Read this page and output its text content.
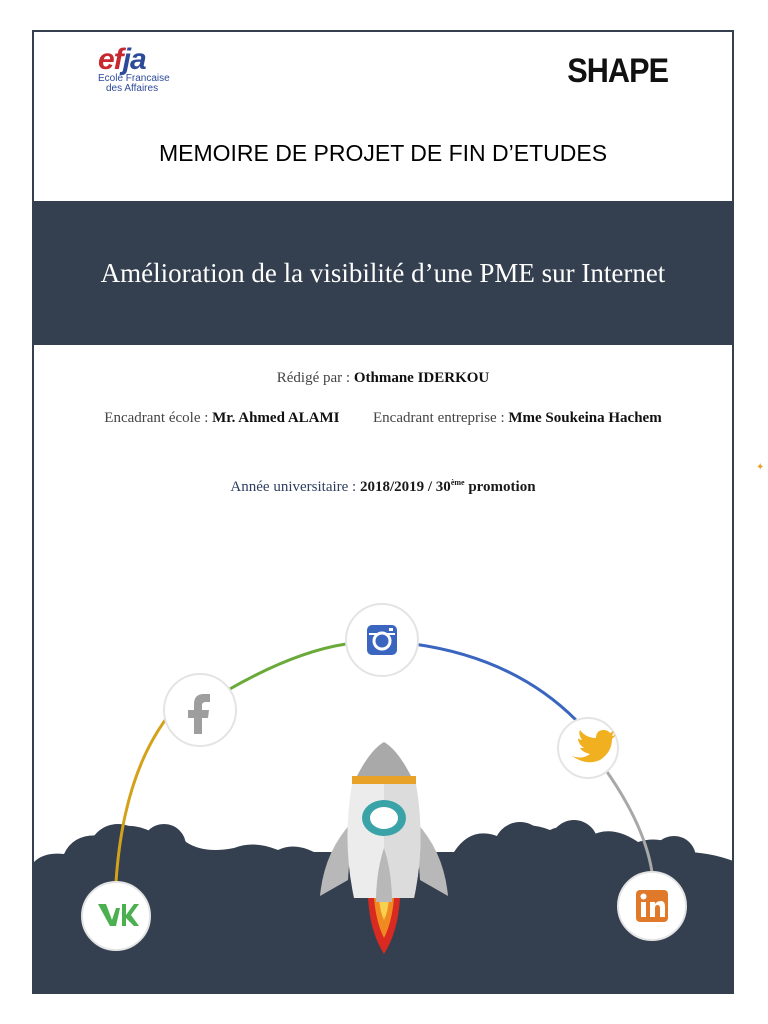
efja
Ecole Francaise
des Affaires	SHAPE
MEMOIRE DE PROJET DE FIN D’ETUDES
Amélioration de la visibilité d’une PME sur Internet
Rédigé par : Othmane IDERKOU
Encadrant école : Mr. Ahmed ALAMI Encadrant entreprise : Mme Soukeina Hachem
Année universitaire : 2018/2019 / 30ème promotion
✦
